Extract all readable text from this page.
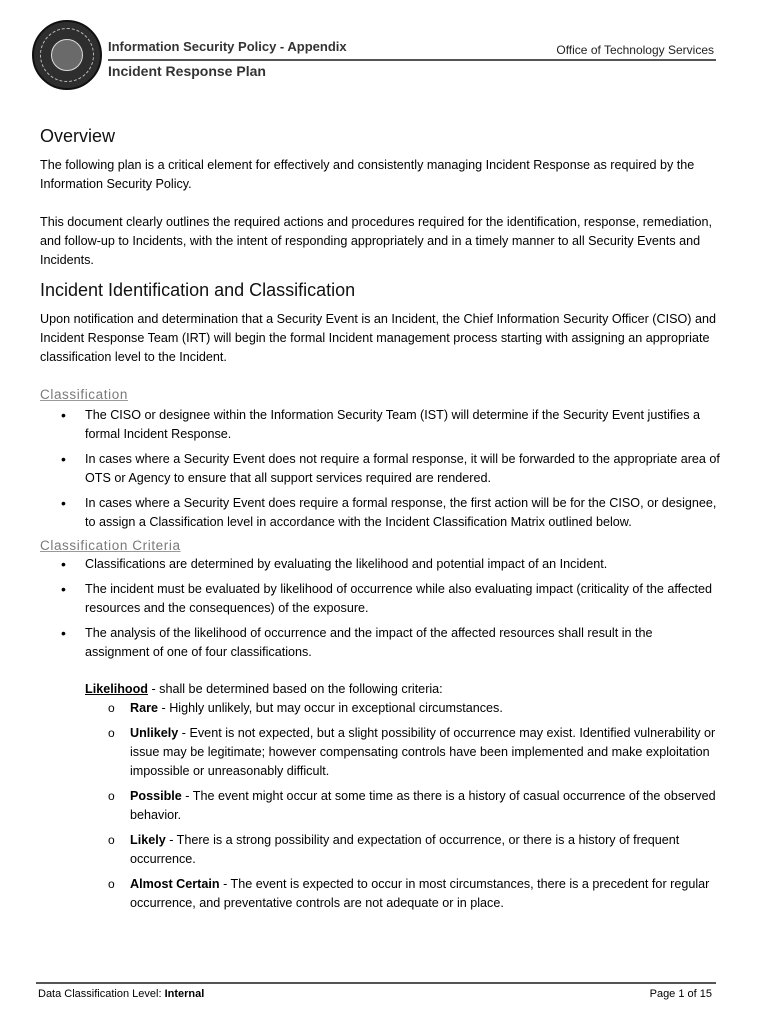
Information Security Policy - Appendix	Office of Technology Services
Incident Response Plan
Overview

The following plan is a critical element for effectively and consistently managing Incident Response as required by the Information Security Policy.

This document clearly outlines the required actions and procedures required for the identification, response, remediation, and follow-up to Incidents, with the intent of responding appropriately and in a timely manner to all Security Events and Incidents.

Incident Identification and Classification

Upon notification and determination that a Security Event is an Incident, the Chief Information Security Officer (CISO) and Incident Response Team (IRT) will begin the formal Incident management process starting with assigning an appropriate classification level to the Incident.

Classification
• The CISO or designee within the Information Security Team (IST) will determine if the Security Event justifies a formal Incident Response.
• In cases where a Security Event does not require a formal response, it will be forwarded to the appropriate area of OTS or Agency to ensure that all support services required are rendered.
• In cases where a Security Event does require a formal response, the first action will be for the CISO, or designee, to assign a Classification level in accordance with the Incident Classification Matrix outlined below.
Classification Criteria
• Classifications are determined by evaluating the likelihood and potential impact of an Incident.
• The incident must be evaluated by likelihood of occurrence while also evaluating impact (criticality of the affected resources and the consequences) of the exposure.
• The analysis of the likelihood of occurrence and the impact of the affected resources shall result in the assignment of one of four classifications.
Likelihood - shall be determined based on the following criteria:
o Rare - Highly unlikely, but may occur in exceptional circumstances.
o Unlikely - Event is not expected, but a slight possibility of occurrence may exist. Identified vulnerability or issue may be legitimate; however compensating controls have been implemented and make exploitation impossible or unreasonably difficult.
o Possible - The event might occur at some time as there is a history of casual occurrence of the observed behavior.
o Likely - There is a strong possibility and expectation of occurrence, or there is a history of frequent occurrence.
o Almost Certain - The event is expected to occur in most circumstances, there is a precedent for regular occurrence, and preventative controls are not adequate or in place.
Data Classification Level: Internal	Page 1 of 15
